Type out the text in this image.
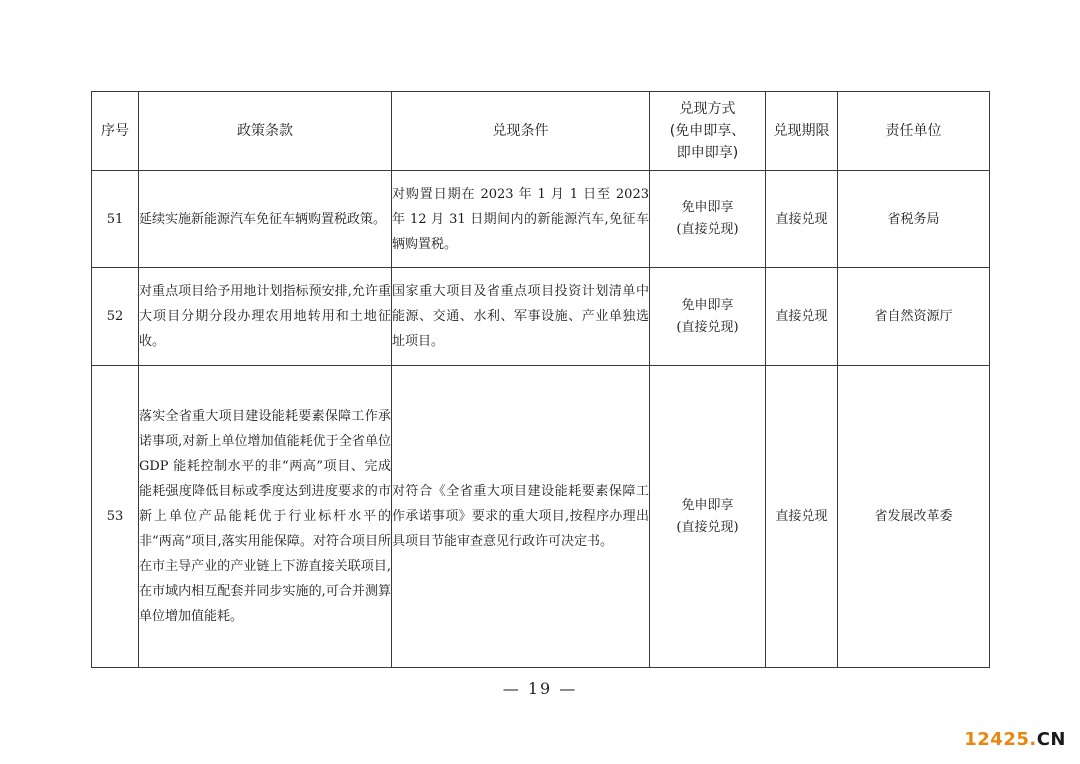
序号	政策条款	兑现条件	兑现方式
(免申即享、
即申即享)	兑现期限	责任单位
51	延续实施新能源汽车免征车辆购置税政策。	对购置日期在 2023 年 1 月 1 日至 2023 年 12 月 31 日期间内的新能源汽车,免征车辆购置税。	免申即享
(直接兑现)	直接兑现	省税务局
52	对重点项目给予用地计划指标预安排,允许重大项目分期分段办理农用地转用和土地征收。	国家重大项目及省重点项目投资计划清单中能源、交通、水利、军事设施、产业单独选址项目。	免申即享
(直接兑现)	直接兑现	省自然资源厅
53	落实全省重大项目建设能耗要素保障工作承诺事项,对新上单位增加值能耗优于全省单位 GDP 能耗控制水平的非“两高”项目、完成能耗强度降低目标或季度达到进度要求的市新上单位产品能耗优于行业标杆水平的非“两高”项目,落实用能保障。对符合项目所在市主导产业的产业链上下游直接关联项目,在市域内相互配套并同步实施的,可合并测算单位增加值能耗。	对符合《全省重大项目建设能耗要素保障工作承诺事项》要求的重大项目,按程序办理出具项目节能审查意见行政许可决定书。	免申即享
(直接兑现)	直接兑现	省发展改革委
— 19 —
12425.CN
